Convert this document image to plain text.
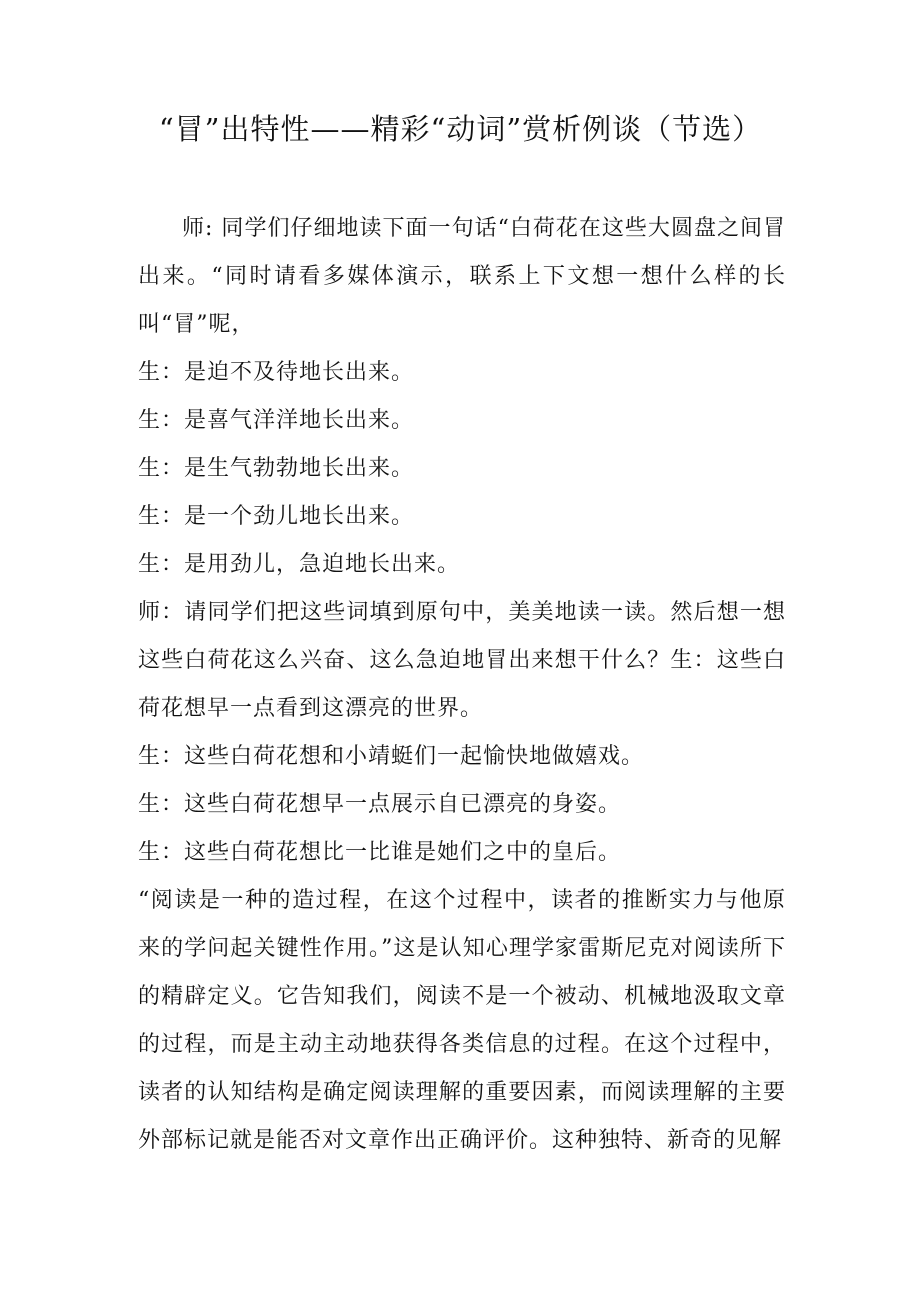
“冒”出特性——精彩“动词”赏析例谈（节选）

师: 同学们仔细地读下面一句话“白荷花在这些大圆盘之间冒出来。“同时请看多媒体演示，联系上下文想一想什么样的长叫“冒”呢，

生：是迫不及待地长出来。

生：是喜气洋洋地长出来。

生：是生气勃勃地长出来。

生：是一个劲儿地长出来。

生：是用劲儿，急迫地长出来。

师：请同学们把这些词填到原句中，美美地读一读。然后想一想这些白荷花这么兴奋、这么急迫地冒出来想干什么？生：这些白荷花想早一点看到这漂亮的世界。

生：这些白荷花想和小靖蜓们一起愉快地做嬉戏。

生：这些白荷花想早一点展示自已漂亮的身姿。

生：这些白荷花想比一比谁是她们之中的皇后。

“阅读是一种的造过程，在这个过程中，读者的推断实力与他原来的学问起关键性作用。”这是认知心理学家雷斯尼克对阅读所下的精辟定义。它告知我们，阅读不是一个被动、机械地汲取文章的过程，而是主动主动地获得各类信息的过程。在这个过程中，读者的认知结构是确定阅读理解的重要因素，而阅读理解的主要外部标记就是能否对文章作出正确评价。这种独特、新奇的见解
